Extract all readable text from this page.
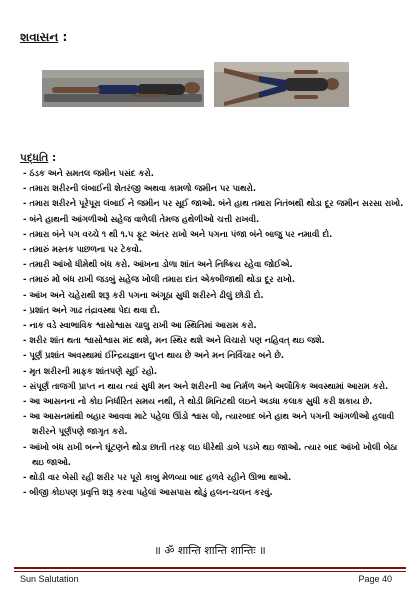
શવાસન :
પદ્ધતિ :
- ઠંડક અને સમતલ જમીન પસંદ કરો.
- તમારા શરીરની લંબાઈની શેતરંજી અથવા કામળો જમીન પર પાથરો.
- તમારા શરીરને પૂરેપૂરા લંબાઈ ને જમીન પર સૂઈ જાઓ. બંને હાથ તમારા નિતંબથી થોડા દૂર જમીન સરસા રાખો.
- બંને હાથની આંગળીઓ સહેજ વાળેલી તેમજ હથેળીઓ ચત્તી રાખવી.
- તમારા બંને પગ વચ્ચે ૧ થી ૧.૫ ફૂટ અંતર રાખો અને પગના પંજા બંને બાજુ પર નમાવી દો.
- તમારું મસ્તક પાછળના પર ટેકવો.
- તમારી આંખો ધીમેથી બંધ કરો. આંખના ડોળા શાંત અને નિષ્ક્રિય રહેવા જોઈએ.
- તમારું મોં બંધ રાખી જડબું સહેજ ખોલી તમારા દાંત એકબીજાથી થોડા દૂર રાખો.
- આંખ અને ચહેરાથી શરૂ કરી પગના અંગૂઠા સુધી શરીરને ઢીલું છોડી દો.
- પ્રશાંત અને ગાઢ તંદ્રાવસ્થા પેદા થવા દો.
- નાક વડે સ્વાભાવિક શ્વાસોશ્વાસ ચાલુ રાખી આ સ્થિતિમાં આરામ કરો.
- શરીર શાંત થતા શ્વાસોશ્વાસ મંદ થશે, મન સ્થિર થશે અને વિચારો પણ નહિવત્ થઇ જશે.
- પૂર્ણ પ્રશાંત અવસ્થામાં ઈન્દ્રિયજ્ઞાન લુપ્ત થાય છે અને મન નિર્વિચાર બને છે.
- મૃત શરીરની માફક શાંતપણે સૂઈ રહો.
- સંપૂર્ણ તાજગી પ્રાપ્ત ન થાય ત્યાં સુધી મન અને શરીરની આ નિર્મળ અને અલૌકિક અવસ્થામાં આરામ કરો.
- આ આસનના નો કોઇ નિર્ધારિત સમય નથી, તે થોડી મિનિટથી લઇને અડધા કલાક સુધી કરી શકાય છે.
- આ આસનમાંથી બહાર આવવા માટે પહેલા ઊંડો શ્વાસ લો, ત્યારબાદ બંને હાથ અને પગની આંગળીઓ હલાવી શરીરને પૂર્ણપણે જાગૃત કરો.
- આંખો બંધ રાખી બન્ને ઘૂંટણને થોડા છાતી તરફ લઇ ધીરેથી ડાબે પડખે થઇ જાઓ. ત્યાર બાદ આંખો ખોલી બેઠા થઇ જાઓ.
- થોડી વાર બેસી રહી શરીર પર પૂરો કાબુ મેળવ્યા બાદ હળવે રહીને ઊભા થાઓ.
- બીજી કોઇપણ પ્રવૃત્તિ શરૂ કરવા પહેલાં આસપાસ થોડું હલન-ચલન કરવું.
॥ ॐ शान्ति शान्ति शान्तिः ॥
Sun Salutation	Page 40
